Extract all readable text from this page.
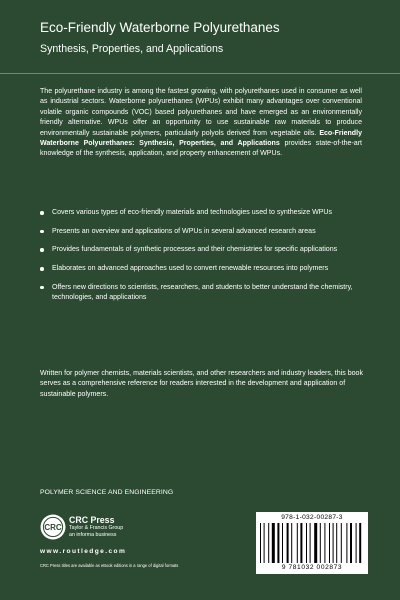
Eco-Friendly Waterborne Polyurethanes
Synthesis, Properties, and Applications

The polyurethane industry is among the fastest growing, with polyurethanes used in consumer as well as industrial sectors. Waterborne polyurethanes (WPUs) exhibit many advantages over conventional volatile organic compounds (VOC) based polyurethanes and have emerged as an environmentally friendly alternative. WPUs offer an opportunity to use sustainable raw materials to produce environmentally sustainable polymers, particularly polyols derived from vegetable oils. Eco-Friendly Waterborne Polyurethanes: Synthesis, Properties, and Applications provides state-of-the-art knowledge of the synthesis, application, and property enhancement of WPUs.

Covers various types of eco-friendly materials and technologies used to synthesize WPUs
Presents an overview and applications of WPUs in several advanced research areas
Provides fundamentals of synthetic processes and their chemistries for specific applications
Elaborates on advanced approaches used to convert renewable resources into polymers
Offers new directions to scientists, researchers, and students to better understand the chemistry, technologies, and applications

Written for polymer chemists, materials scientists, and other researchers and industry leaders, this book serves as a comprehensive reference for readers interested in the development and application of sustainable polymers.

POLYMER SCIENCE AND ENGINEERING
CRC
CRC Press
Taylor & Francis Group
an informa business
www.routledge.com
CRC Press titles are available as eBook editions in a range of digital formats
978-1-032-00287-3
9 781032 002873
